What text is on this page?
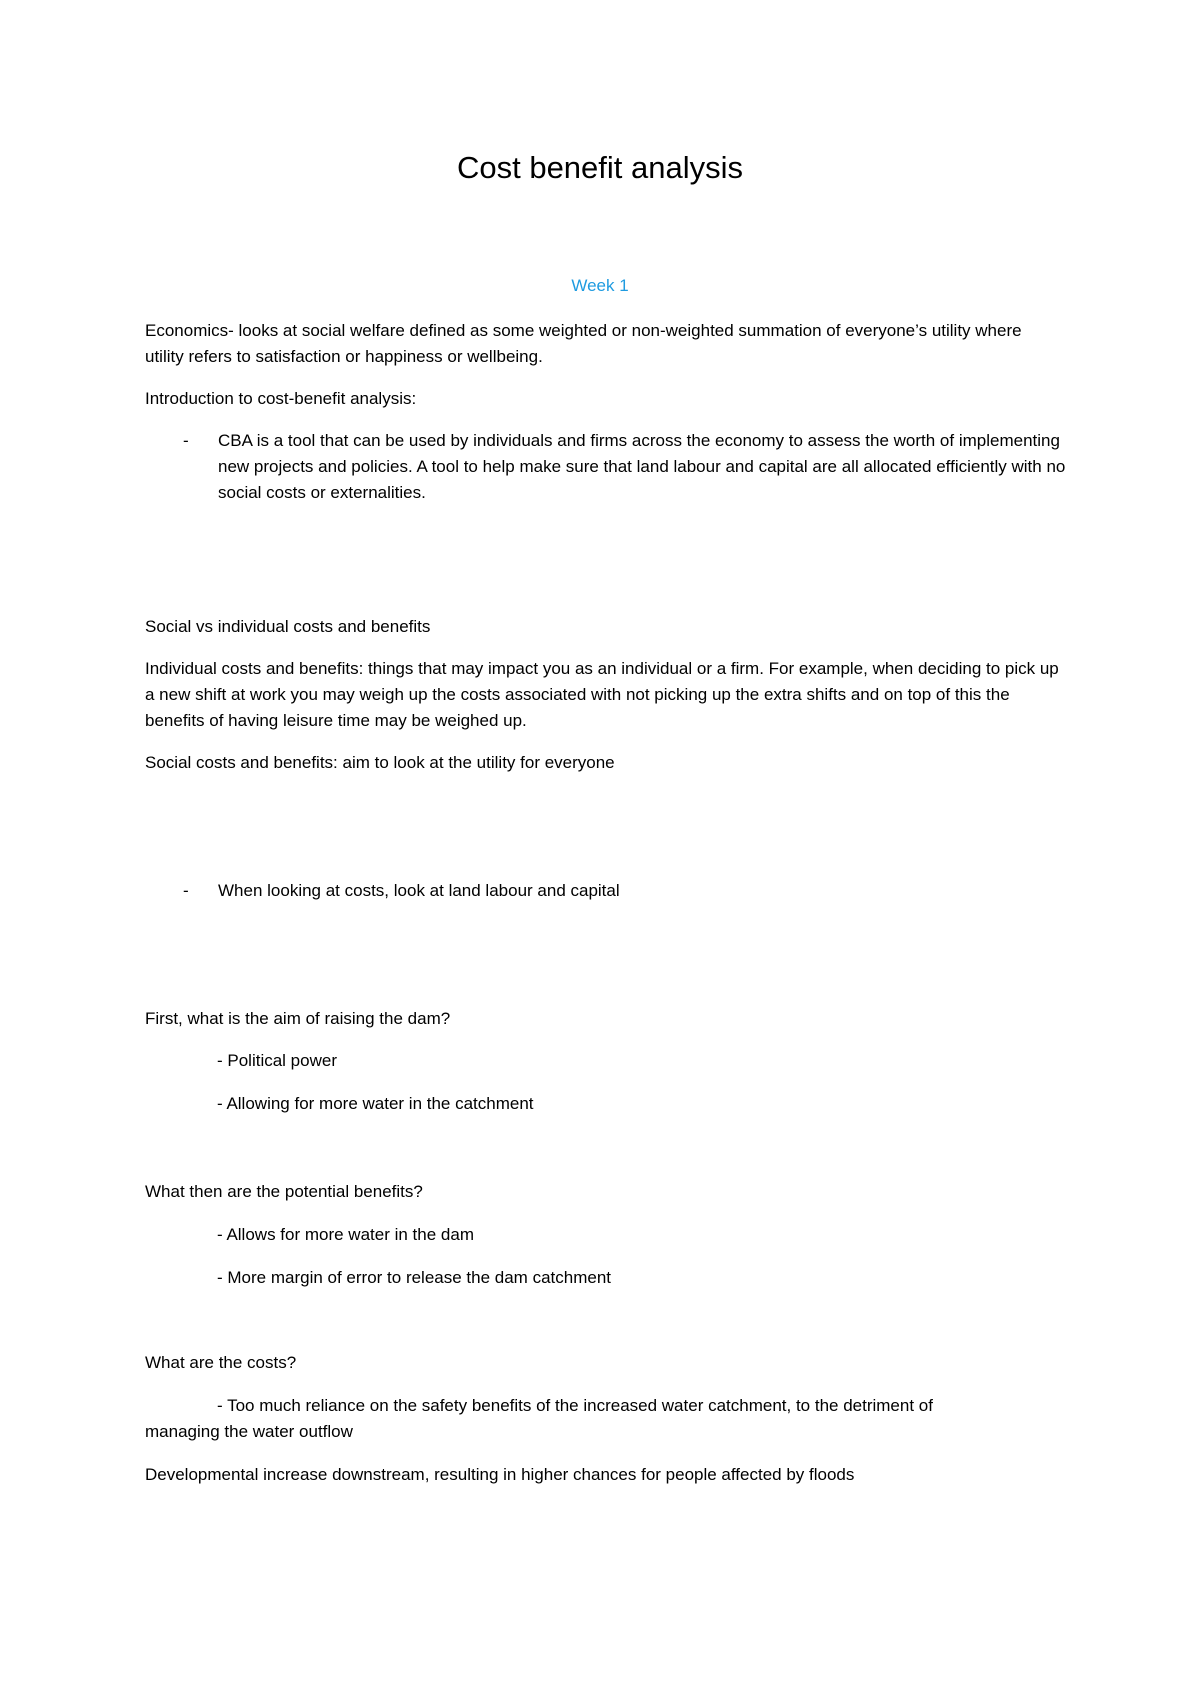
Cost benefit analysis
Week 1

Economics- looks at social welfare defined as some weighted or non-weighted summation of everyone’s utility where utility refers to satisfaction or happiness or wellbeing.

Introduction to cost-benefit analysis:

- CBA is a tool that can be used by individuals and firms across the economy to assess the worth of implementing new projects and policies. A tool to help make sure that land labour and capital are all allocated efficiently with no social costs or externalities.

Social vs individual costs and benefits

Individual costs and benefits: things that may impact you as an individual or a firm. For example, when deciding to pick up a new shift at work you may weigh up the costs associated with not picking up the extra shifts and on top of this the benefits of having leisure time may be weighed up.

Social costs and benefits: aim to look at the utility for everyone

- When looking at costs, look at land labour and capital

First, what is the aim of raising the dam?

- Political power
- Allowing for more water in the catchment

What then are the potential benefits?

- Allows for more water in the dam
- More margin of error to release the dam catchment

What are the costs?

- Too much reliance on the safety benefits of the increased water catchment, to the detriment of

managing the water outflow

Developmental increase downstream, resulting in higher chances for people affected by floods
